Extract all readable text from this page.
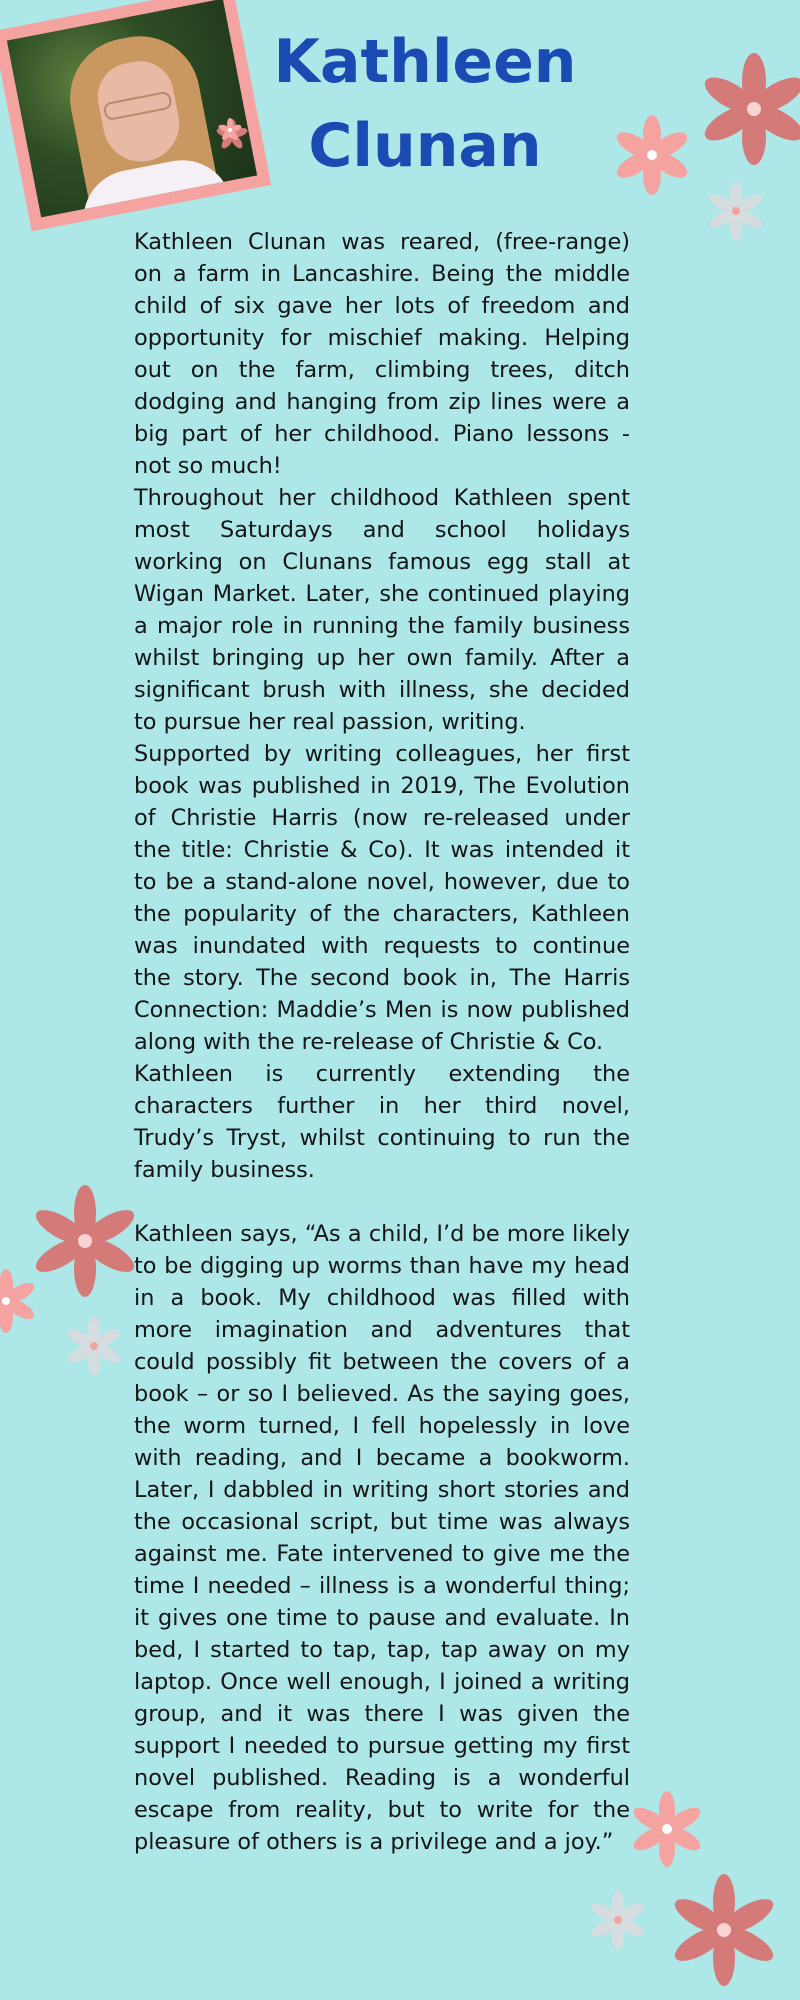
Kathleen
Clunan

Kathleen Clunan was reared, (free-range) on a farm in Lancashire. Being the middle child of six gave her lots of freedom and opportunity for mischief making. Helping out on the farm, climbing trees, ditch dodging and hanging from zip lines were a big part of her childhood. Piano lessons - not so much!

Throughout her childhood Kathleen spent most Saturdays and school holidays working on Clunans famous egg stall at Wigan Market. Later, she continued playing a major role in running the family business whilst bringing up her own family. After a significant brush with illness, she decided to pursue her real passion, writing.

Supported by writing colleagues, her first book was published in 2019, The Evolution of Christie Harris (now re-released under the title: Christie & Co). It was intended it to be a stand-alone novel, however, due to the popularity of the characters, Kathleen was inundated with requests to continue the story. The second book in, The Harris Connection: Maddie’s Men is now published along with the re-release of Christie & Co.

Kathleen is currently extending the characters further in her third novel, Trudy’s Tryst, whilst continuing to run the family business.

Kathleen says, “As a child, I’d be more likely to be digging up worms than have my head in a book. My childhood was filled with more imagination and adventures that could possibly fit between the covers of a book – or so I believed. As the saying goes, the worm turned, I fell hopelessly in love with reading, and I became a bookworm. Later, I dabbled in writing short stories and the occasional script, but time was always against me. Fate intervened to give me the time I needed – illness is a wonderful thing; it gives one time to pause and evaluate. In bed, I started to tap, tap, tap away on my laptop. Once well enough, I joined a writing group, and it was there I was given the support I needed to pursue getting my first novel published. Reading is a wonderful escape from reality, but to write for the pleasure of others is a privilege and a joy.”
